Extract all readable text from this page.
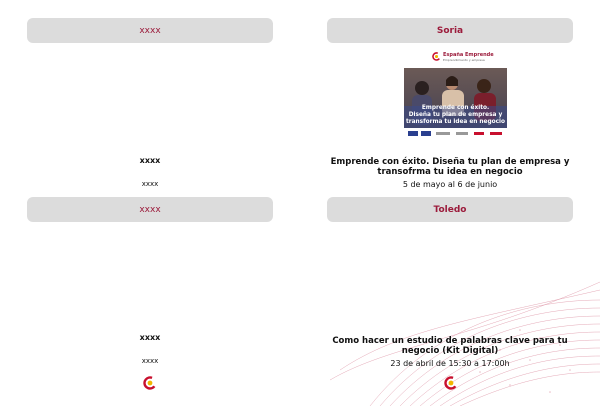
xxxx	Soria
xxxx	Toledo
xxxx
xxxx
xxxx
xxxx
España Emprende
Emprendimiento y empresa
Emprende con éxito.
Diseña tu plan de empresa y
transforma tu idea en negocio
Emprende con éxito. Diseña tu plan de empresa y transofrma tu idea en negocio
5 de mayo al 6 de junio
Como hacer un estudio de palabras clave para tu negocio (Kit Digital)
23 de abril de 15:30 a 17:00h
